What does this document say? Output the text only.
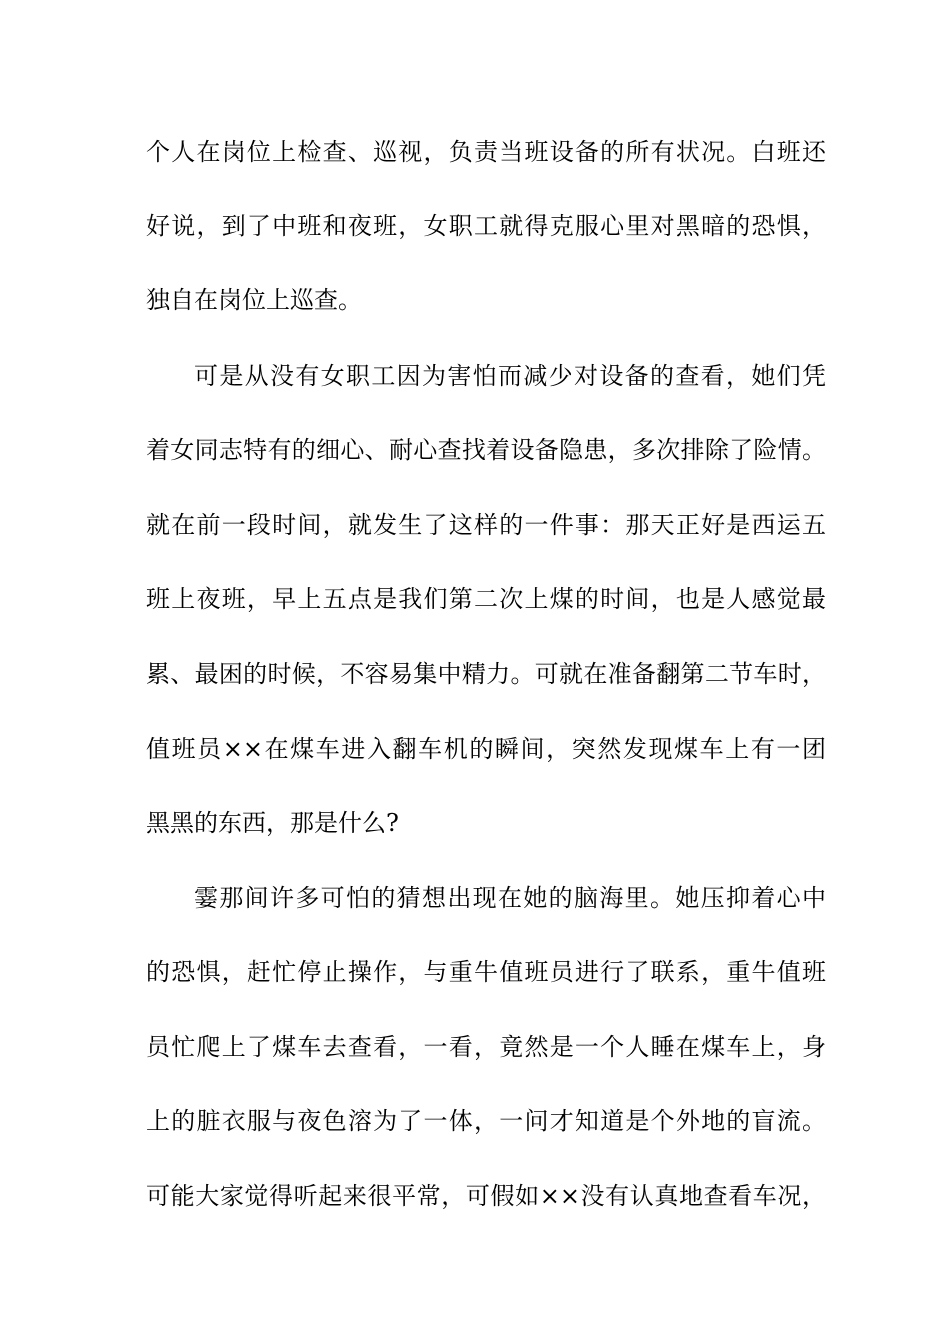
个人在岗位上检查、巡视，负责当班设备的所有状况。白班还
好说，到了中班和夜班，女职工就得克服心里对黑暗的恐惧，
独自在岗位上巡查。
可是从没有女职工因为害怕而减少对设备的查看，她们凭
着女同志特有的细心、耐心查找着设备隐患，多次排除了险情。
就在前一段时间，就发生了这样的一件事：那天正好是西运五
班上夜班，早上五点是我们第二次上煤的时间，也是人感觉最
累、最困的时候，不容易集中精力。可就在准备翻第二节车时，
值班员××在煤车进入翻车机的瞬间，突然发现煤车上有一团
黑黑的东西，那是什么?
霎那间许多可怕的猜想出现在她的脑海里。她压抑着心中
的恐惧，赶忙停止操作，与重牛值班员进行了联系，重牛值班
员忙爬上了煤车去查看，一看，竟然是一个人睡在煤车上，身
上的脏衣服与夜色溶为了一体，一问才知道是个外地的盲流。
可能大家觉得听起来很平常，可假如××没有认真地查看车况，
